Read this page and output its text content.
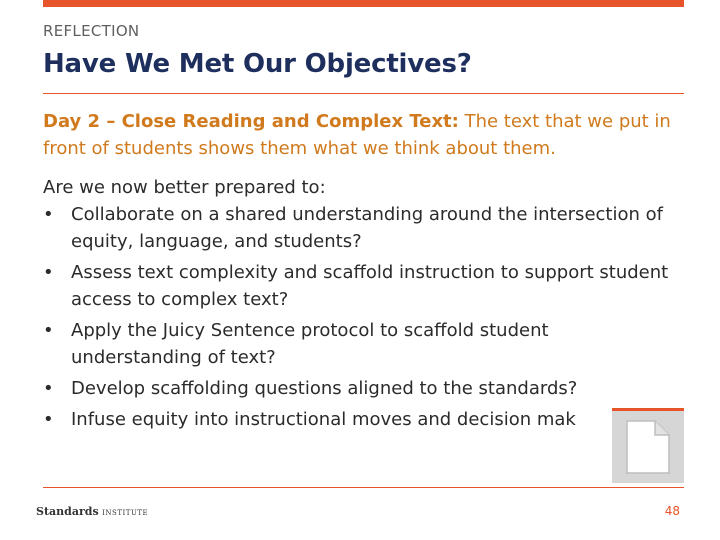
REFLECTION
Have We Met Our Objectives?
Day 2 – Close Reading and Complex Text: The text that we put in front of students shows them what we think about them.
Are we now better prepared to:
• Collaborate on a shared understanding around the intersection of equity, language, and students?
• Assess text complexity and scaffold instruction to support student access to complex text?
• Apply the Juicy Sentence protocol to scaffold student understanding of text?
• Develop scaffolding questions aligned to the standards?
• Infuse equity into instructional moves and decision mak
Standards INSTITUTE	48
